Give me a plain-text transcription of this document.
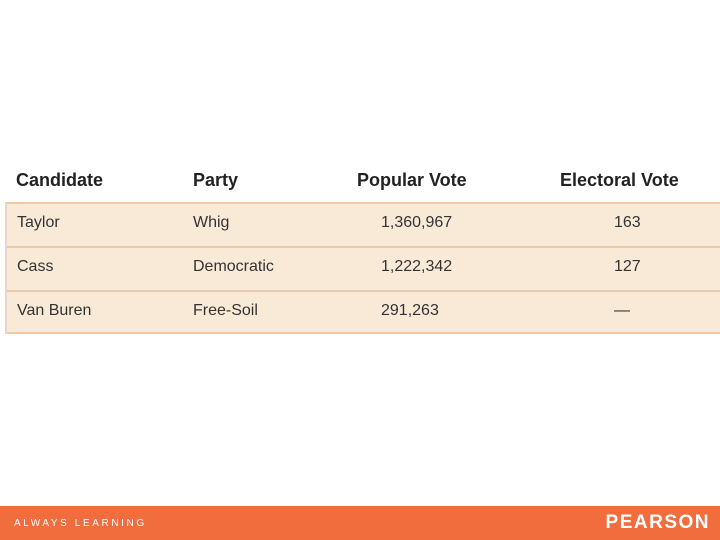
Candidate	Party	Popular Vote	Electoral Vote
Taylor	Whig	1,360,967	163
Cass	Democratic	1,222,342	127
Van Buren	Free-Soil	291,263	—
ALWAYS LEARNING	PEARSON
